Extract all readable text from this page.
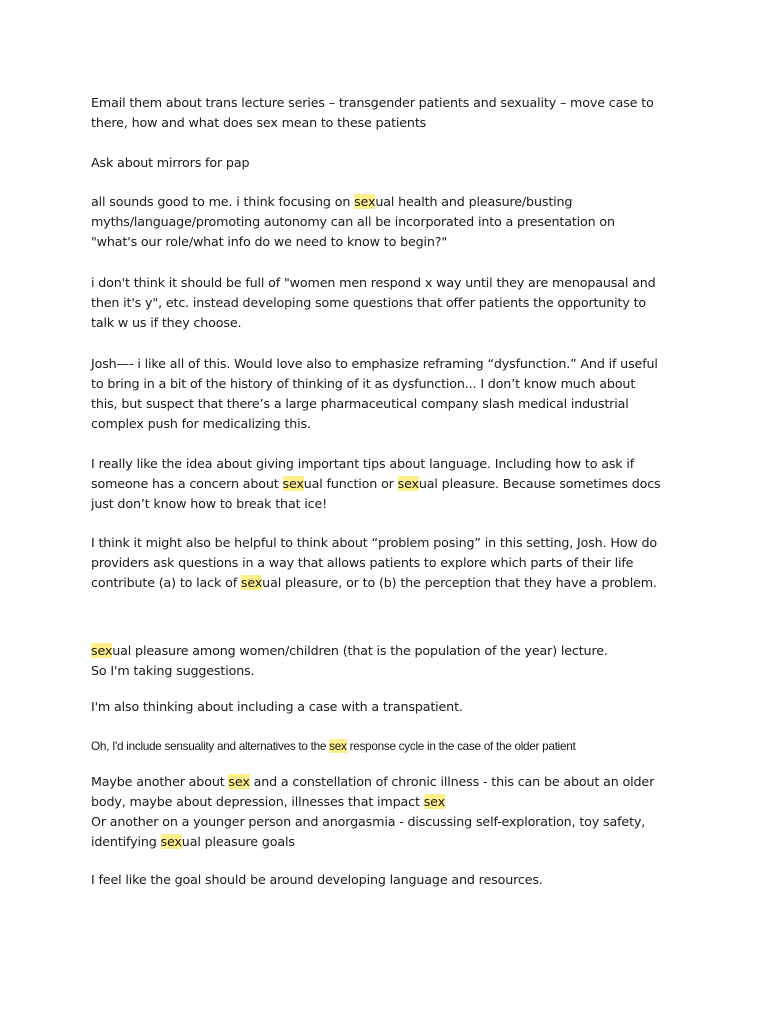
Email them about trans lecture series – transgender patients and sexuality – move case to
there, how and what does sex mean to these patients

Ask about mirrors for pap

all sounds good to me. i think focusing on sexual health and pleasure/busting
myths/language/promoting autonomy can all be incorporated into a presentation on
"what's our role/what info do we need to know to begin?"

i don't think it should be full of "women men respond x way until they are menopausal and
then it's y", etc. instead developing some questions that offer patients the opportunity to
talk w us if they choose.

Josh—- i like all of this. Would love also to emphasize reframing “dysfunction.” And if useful
to bring in a bit of the history of thinking of it as dysfunction... I don’t know much about
this, but suspect that there’s a large pharmaceutical company slash medical industrial
complex push for medicalizing this.

I really like the idea about giving important tips about language. Including how to ask if
someone has a concern about sexual function or sexual pleasure. Because sometimes docs
just don’t know how to break that ice!

I think it might also be helpful to think about “problem posing” in this setting, Josh. How do
providers ask questions in a way that allows patients to explore which parts of their life
contribute (a) to lack of sexual pleasure, or to (b) the perception that they have a problem.

sexual pleasure among women/children (that is the population of the year) lecture.
So I'm taking suggestions.

I'm also thinking about including a case with a transpatient.

Oh, I'd include sensuality and alternatives to the sex response cycle in the case of the older patient

Maybe another about sex and a constellation of chronic illness - this can be about an older
body, maybe about depression, illnesses that impact sex
Or another on a younger person and anorgasmia - discussing self-exploration, toy safety,
identifying sexual pleasure goals

I feel like the goal should be around developing language and resources.
